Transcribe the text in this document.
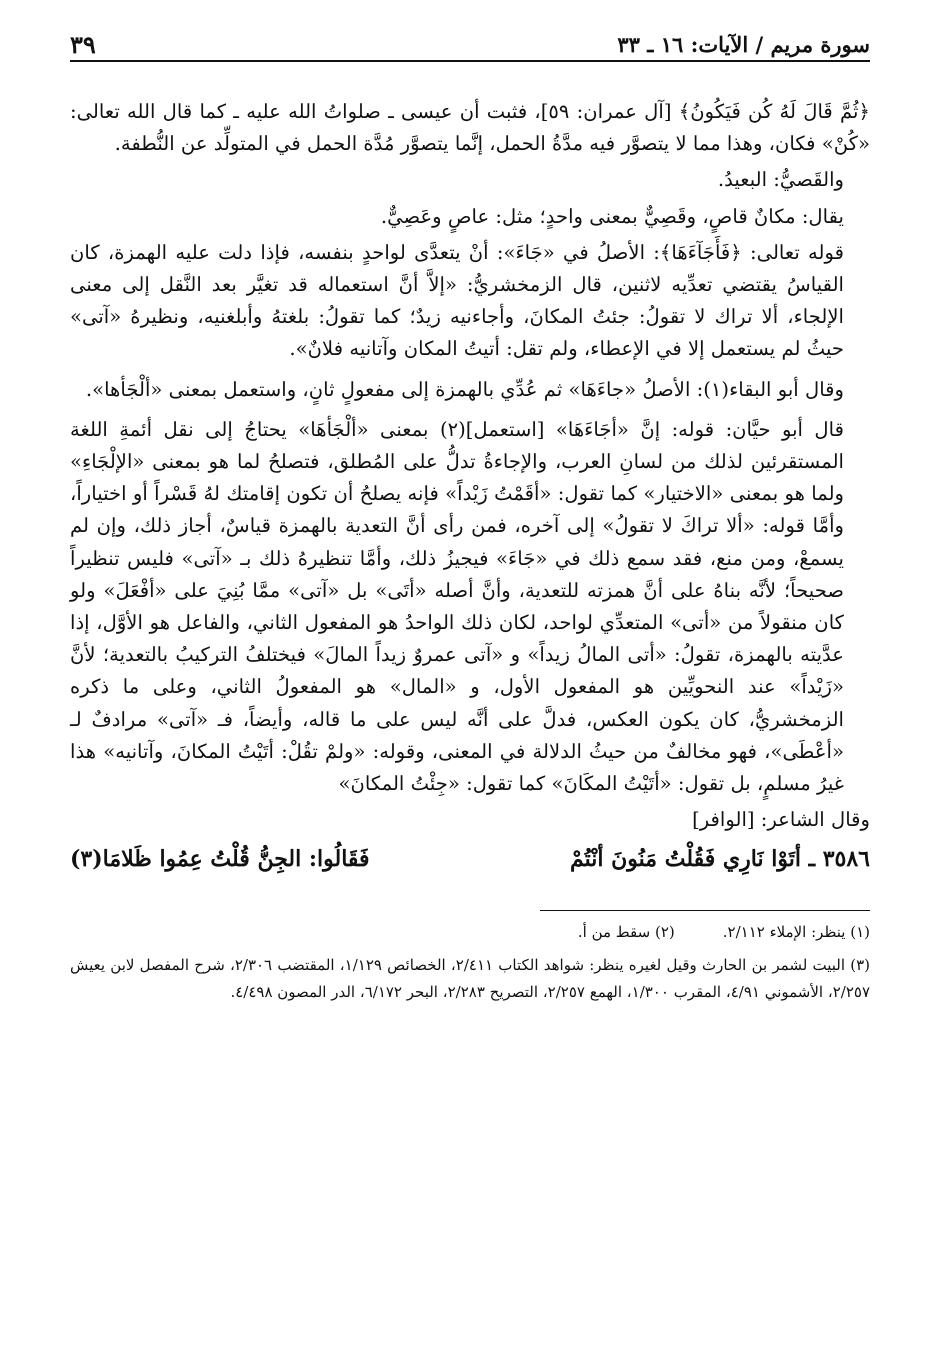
سورة مريم / الآيات: ١٦ ـ ٣٣
٣٩

﴿ثُمَّ قَالَ لَهُ كُن فَيَكُونُ﴾ [آل عمران: ٥٩]، فثبت أن عيسى ـ صلواتُ الله عليه ـ كما قال الله تعالى: «كُنْ» فكان، وهذا مما لا يتصوَّر فيه مدَّةُ الحمل، إنَّما يتصوَّر مُدَّة الحمل في المتولِّد عن النُّطفة.

والقَصيُّ: البعيدُ.

يقال: مكانٌ قاصٍ، وقَصِيٌّ بمعنى واحدٍ؛ مثل: عاصٍ وعَصِيٌّ.

قوله تعالى: ﴿فَأَجَآءَهَا﴾: الأصلُ في «جَاءَ»: أنْ يتعدَّى لواحدٍ بنفسه، فإذا دلت عليه الهمزة، كان القياسُ يقتضي تعدِّيه لاثنين، قال الزمخشريُّ: «إلاَّ أنَّ استعماله قد تغيَّر بعد النَّقل إلى معنى الإلجاء، ألا تراك لا تقولُ: جئتُ المكانَ، وأجاءنيه زيدٌ؛ كما تقولُ: بلغتهُ وأبلغنيه، ونظيرهُ «آتى» حيثُ لم يستعمل إلا في الإعطاء، ولم تقل: أتيتُ المكان وآتانيه فلانٌ».

وقال أبو البقاء(١): الأصلُ «جاءَهَا» ثم عُدِّي بالهمزة إلى مفعولٍ ثانٍ، واستعمل بمعنى «ألْجَأها».

قال أبو حيَّان: قوله: إنَّ «أجَاءَهَا» [استعمل](٢) بمعنى «ألْجَأهَا» يحتاجُ إلى نقل أئمةِ اللغة المستقرئين لذلك من لسانِ العرب، والإجاءةُ تدلُّ على المُطلق، فتصلحُ لما هو بمعنى «الإلْجَاءِ» ولما هو بمعنى «الاختيار» كما تقول: «أقَمْتُ زَيْداً» فإنه يصلحُ أن تكون إقامتك لهُ قَسْراً أو اختياراً، وأمَّا قوله: «ألا تراكَ لا تقولُ» إلى آخره، فمن رأى أنَّ التعدية بالهمزة قياسٌ، أجاز ذلك، وإن لم يسمعْ، ومن منع، فقد سمع ذلك في «جَاءَ» فيجيزُ ذلك، وأمَّا تنظيرهُ ذلك بـ «آتى» فليس تنظيراً صحيحاً؛ لأنَّه بناهُ على أنَّ همزته للتعدية، وأنَّ أصله «أتَى» بل «آتى» ممَّا بُنِيَ على «أفْعَلَ» ولو كان منقولاً من «أتى» المتعدِّي لواحد، لكان ذلك الواحدُ هو المفعول الثاني، والفاعل هو الأوَّل، إذا عدَّيته بالهمزة، تقولُ: «أتى المالُ زيداً» و «آتى عمروٌ زيداً المالَ» فيختلفُ التركيبُ بالتعدية؛ لأنَّ «زَيْداً» عند النحويِّين هو المفعول الأول، و «المال» هو المفعولُ الثاني، وعلى ما ذكره الزمخشريُّ، كان يكون العكس، فدلَّ على أنَّه ليس على ما قاله، وأيضاً، فـ «آتى» مرادفٌ لـ «أعْطَى»، فهو مخالفٌ من حيثُ الدلالة في المعنى، وقوله: «ولمْ تقُلْ: أتَيْتُ المكانَ، وآتانيه» هذا غيرُ مسلمٍ، بل تقول: «أتَيْتُ المكَانَ» كما تقول: «جِئْتُ المكانَ»

وقال الشاعر: [الوافر]

٣٥٨٦ ـ أتَوْا نَارِي فَقُلْتُ مَنُونَ أنْتُمْ
فَقَالُوا: الجِنُّ قُلْتُ عِمُوا ظَلامَا(٣)
(١) ينظر: الإملاء ٢/١١٢.
(٢) سقط من أ.

(٣) البيت لشمر بن الحارث وقيل لغيره ينظر: شواهد الكتاب ٢/٤١١، الخصائص ١/١٢٩، المقتضب ٢/٣٠٦، شرح المفصل لابن يعيش ٢/٢٥٧، الأشموني ٤/٩١، المقرب ١/٣٠٠، الهمع ٢/٢٥٧، التصريح ٢/٢٨٣، البحر ٦/١٧٢، الدر المصون ٤/٤٩٨.
